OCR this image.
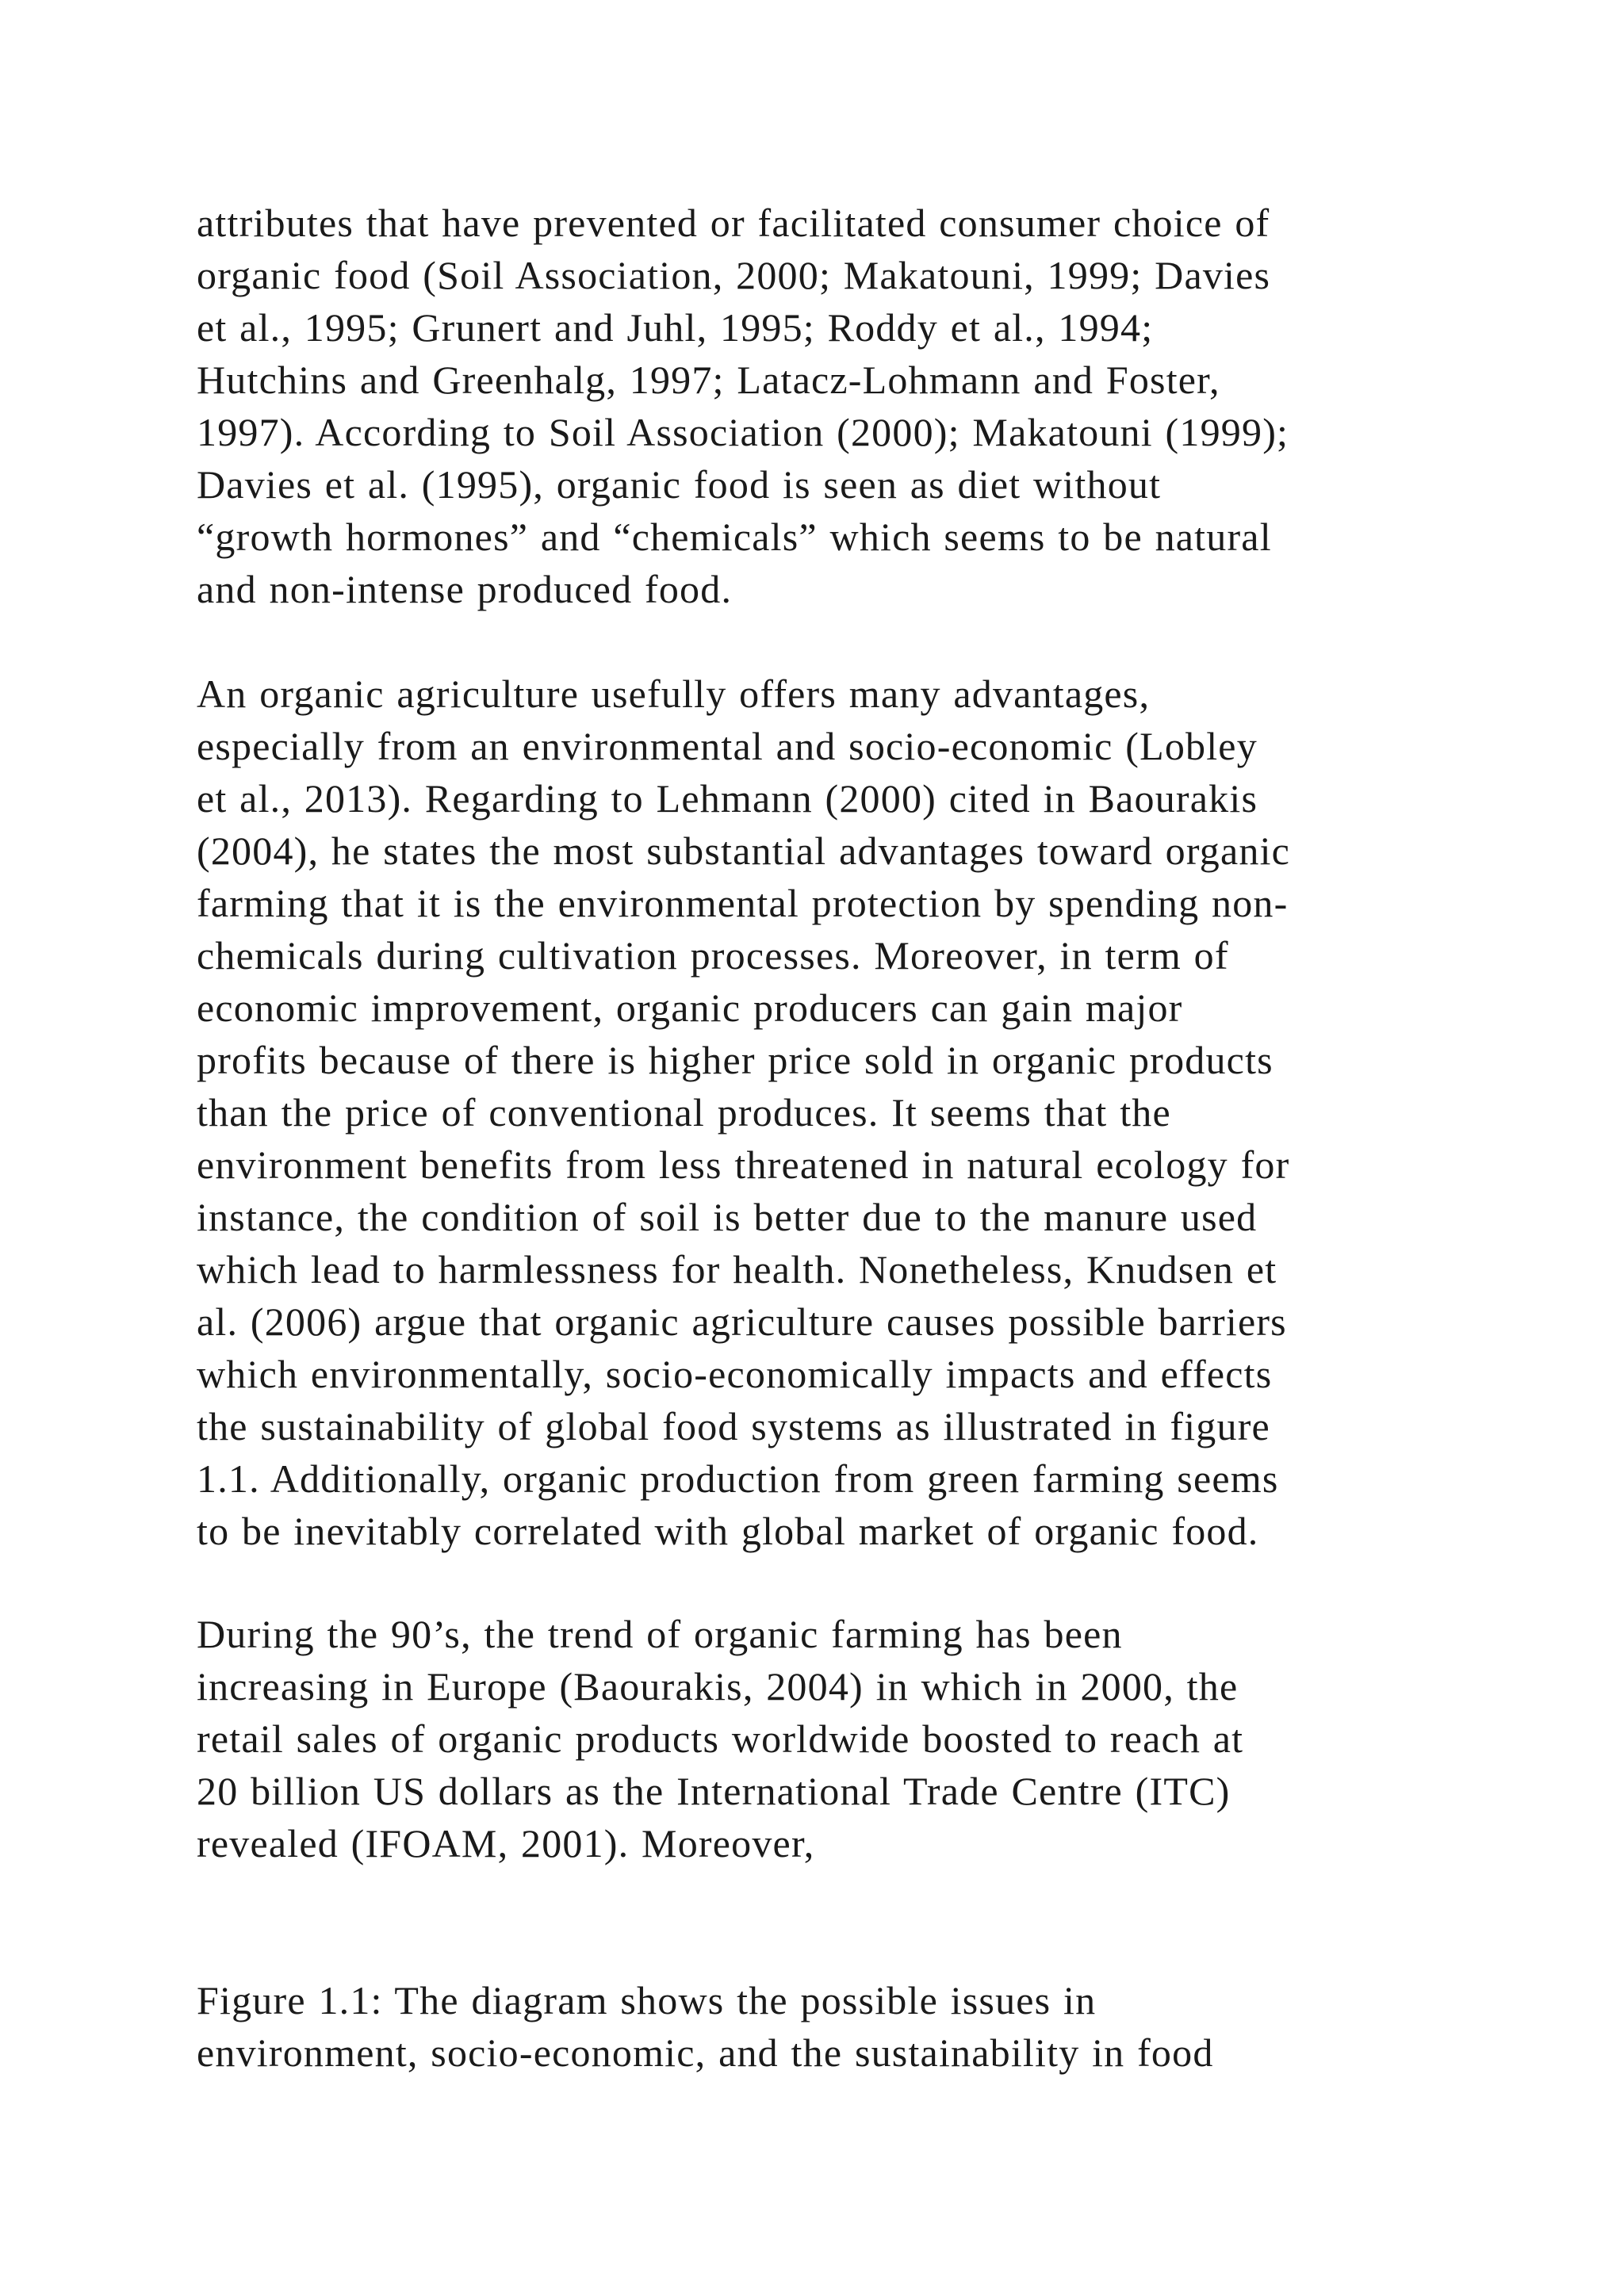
attributes that have prevented or facilitated consumer choice of
organic food (Soil Association, 2000; Makatouni, 1999; Davies
et al., 1995; Grunert and Juhl, 1995; Roddy et al., 1994;
Hutchins and Greenhalg, 1997; Latacz-Lohmann and Foster,
1997). According to Soil Association (2000); Makatouni (1999);
Davies et al. (1995), organic food is seen as diet without
“growth hormones” and “chemicals” which seems to be natural
and non-intense produced food.
An organic agriculture usefully offers many advantages,
especially from an environmental and socio-economic (Lobley
et al., 2013). Regarding to Lehmann (2000) cited in Baourakis
(2004), he states the most substantial advantages toward organic
farming that it is the environmental protection by spending non-
chemicals during cultivation processes. Moreover, in term of
economic improvement, organic producers can gain major
profits because of there is higher price sold in organic products
than the price of conventional produces. It seems that the
environment benefits from less threatened in natural ecology for
instance, the condition of soil is better due to the manure used
which lead to harmlessness for health. Nonetheless, Knudsen et
al. (2006) argue that organic agriculture causes possible barriers
which environmentally, socio-economically impacts and effects
the sustainability of global food systems as illustrated in figure
1.1. Additionally, organic production from green farming seems
to be inevitably correlated with global market of organic food.
During the 90’s, the trend of organic farming has been
increasing in Europe (Baourakis, 2004) in which in 2000, the
retail sales of organic products worldwide boosted to reach at
20 billion US dollars as the International Trade Centre (ITC)
revealed (IFOAM, 2001). Moreover,
Figure 1.1: The diagram shows the possible issues in
environment, socio-economic, and the sustainability in food
